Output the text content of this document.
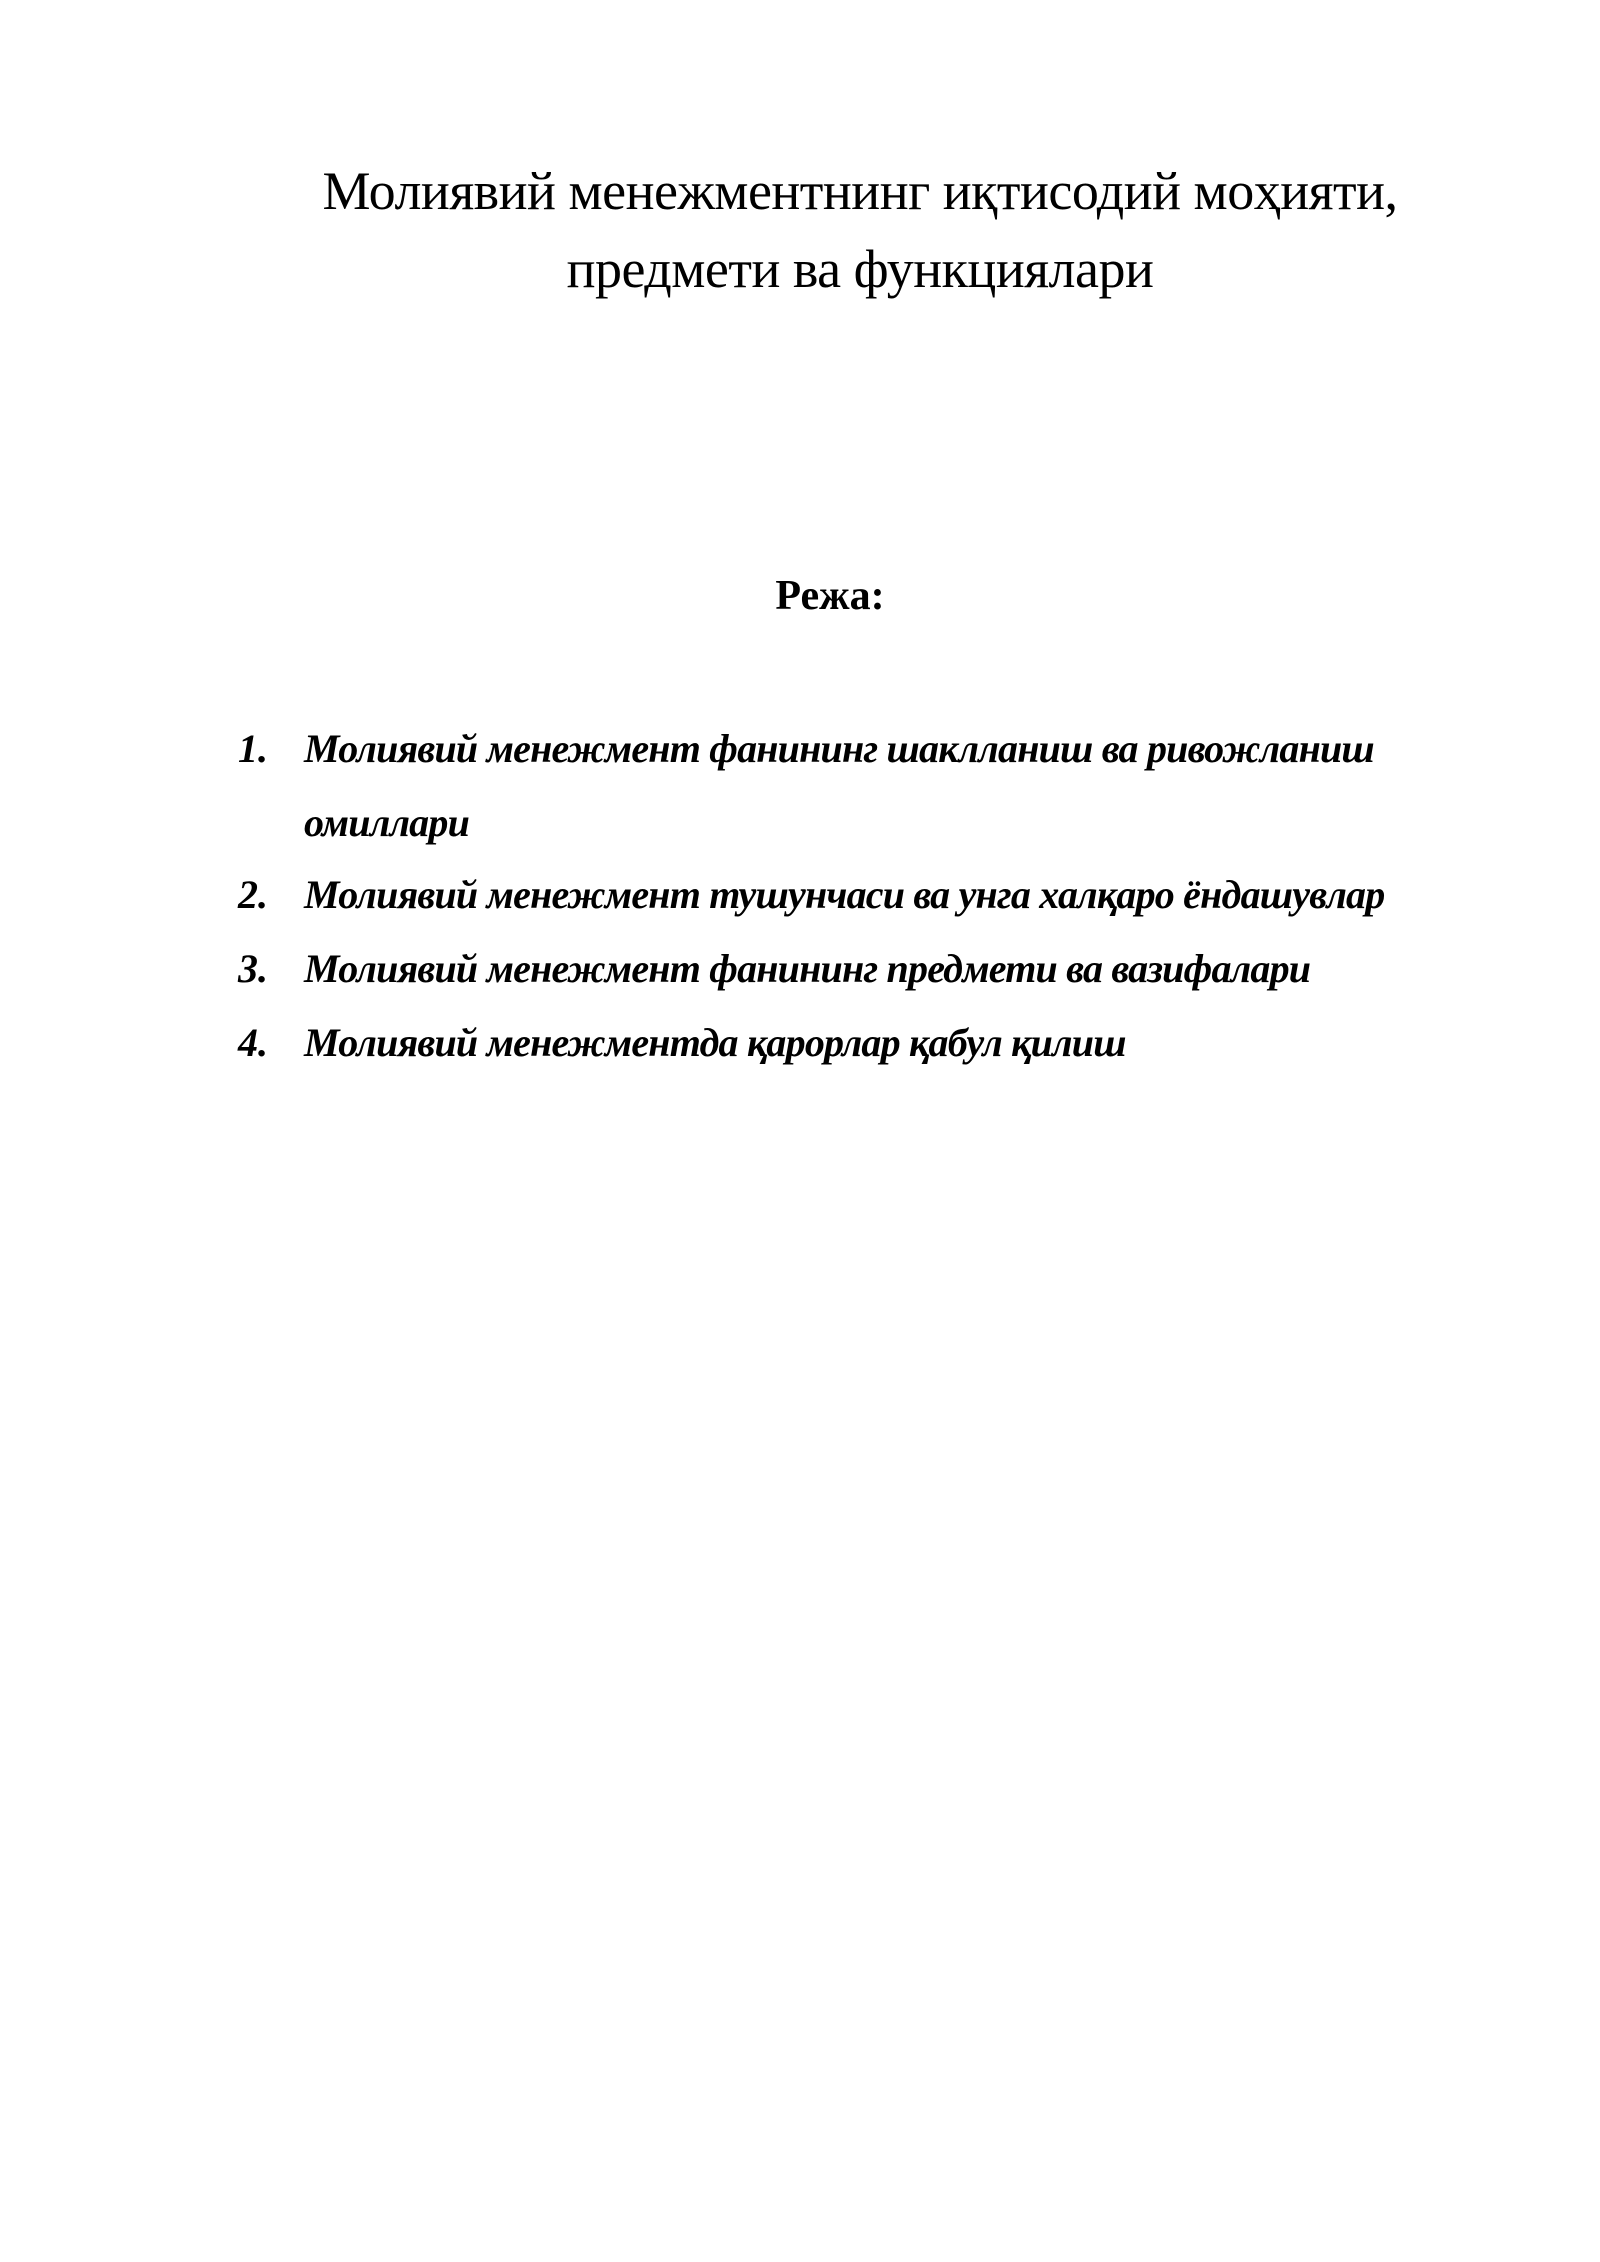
Молиявий менежментнинг иқтисодий моҳияти,
предмети ва функциялари
Режа:
1. Молиявий менежмент фанининг шаклланиш ва ривожланиш омиллари
2. Молиявий менежмент тушунчаси ва унга халқаро ёндашувлар
3. Молиявий менежмент фанининг предмети ва вазифалари
4. Молиявий менежментда қарорлар қабул қилиш
